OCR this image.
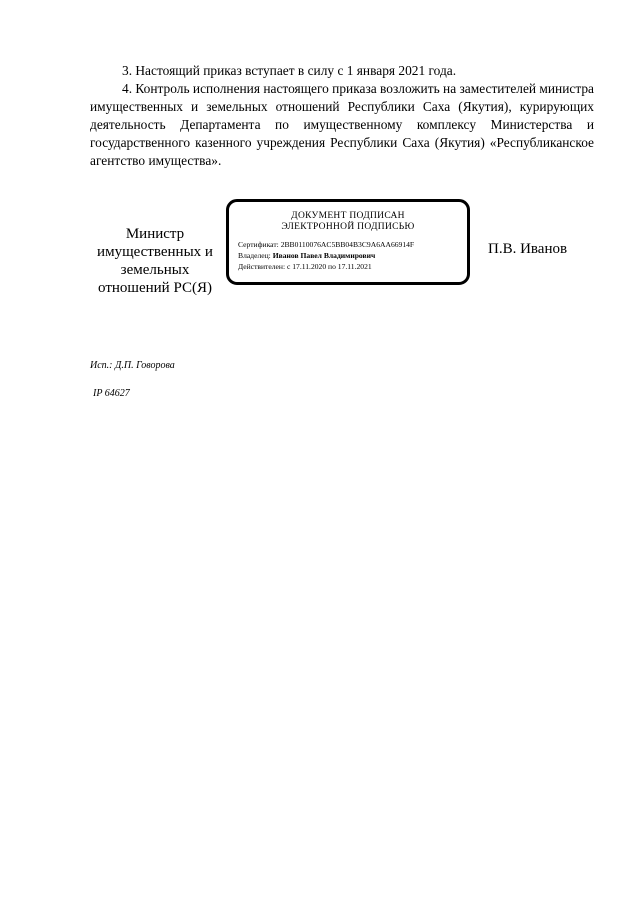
3. Настоящий приказ вступает в силу с 1 января 2021 года.

4. Контроль исполнения настоящего приказа возложить на заместителей министра имущественных и земельных отношений Республики Саха (Якутия), курирующих деятельность Департамента по имущественному комплексу Министерства и государственного казенного учреждения Республики Саха (Якутия) «Республиканское агентство имущества».

Министр
имущественных и
земельных
отношений РС(Я)
ДОКУМЕНТ ПОДПИСАН
ЭЛЕКТРОННОЙ ПОДПИСЬЮ
Сертификат: 2BB0110076AC5BB04B3C9A6AA66914F
Владелец: Иванов Павел Владимирович
Действителен: с 17.11.2020 по 17.11.2021
П.В. Иванов
Исп.: Д.П. Говорова
IP 64627
